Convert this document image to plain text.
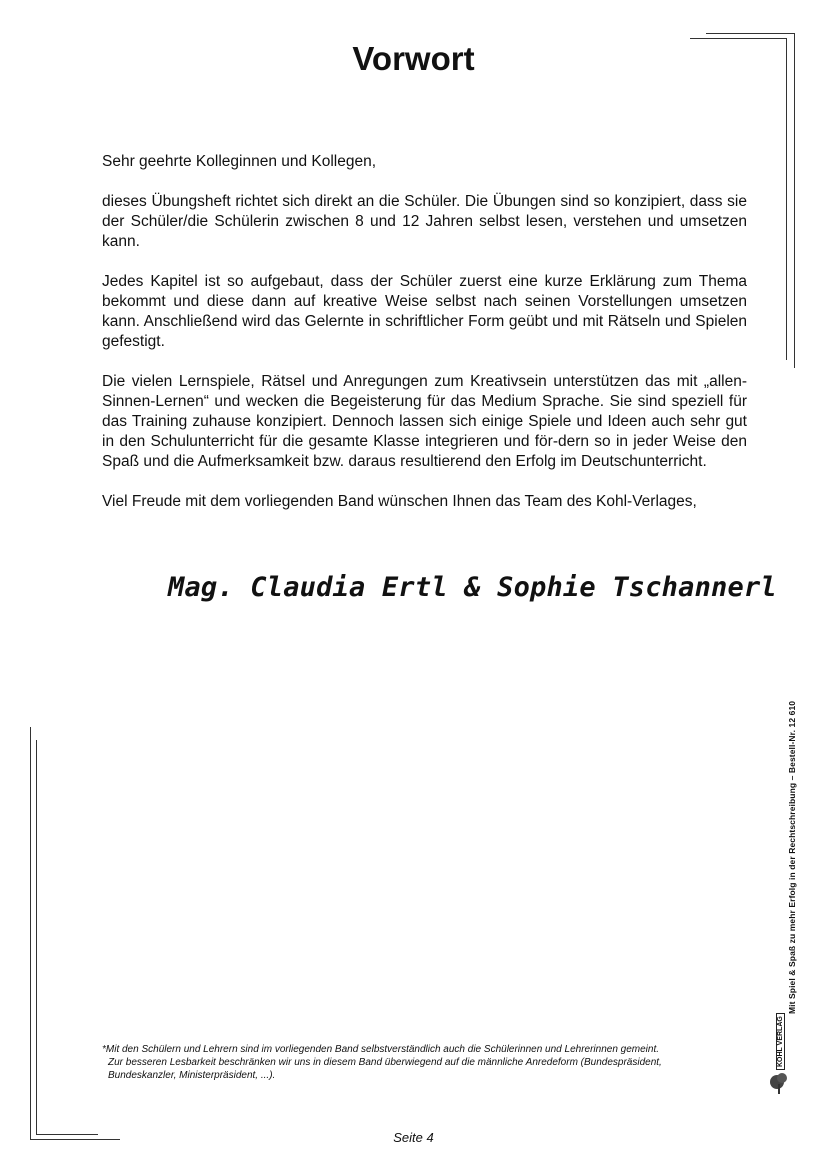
Vorwort

Sehr geehrte Kolleginnen und Kollegen,

dieses Übungsheft richtet sich direkt an die Schüler. Die Übungen sind so konzipiert, dass sie der Schüler/die Schülerin zwischen 8 und 12 Jahren selbst lesen, verstehen und umsetzen kann.

Jedes Kapitel ist so aufgebaut, dass der Schüler zuerst eine kurze Erklärung zum Thema bekommt und diese dann auf kreative Weise selbst nach seinen Vorstellungen umsetzen kann. Anschließend wird das Gelernte in schriftlicher Form geübt und mit Rätseln und Spielen gefestigt.

Die vielen Lernspiele, Rätsel und Anregungen zum Kreativsein unterstützen das mit „allen-Sinnen-Lernen“ und wecken die Begeisterung für das Medium Sprache. Sie sind speziell für das Training zuhause konzipiert. Dennoch lassen sich einige Spiele und Ideen auch sehr gut in den Schulunterricht für die gesamte Klasse integrieren und för-dern so in jeder Weise den Spaß und die Aufmerksamkeit bzw. daraus resultierend den Erfolg im Deutschunterricht.

Viel Freude mit dem vorliegenden Band wünschen Ihnen das Team des Kohl-Verlages,

Mag. Claudia Ertl & Sophie Tschannerl
*Mit den Schülern und Lehrern sind im vorliegenden Band selbstverständlich auch die Schülerinnen und Lehrerinnen gemeint.
Zur besseren Lesbarkeit beschränken wir uns in diesem Band überwiegend auf die männliche Anredeform (Bundespräsident,
Bundeskanzler, Ministerpräsident, ...).
Mit Spiel & Spaß zu mehr Erfolg in der Rechtschreibung – Bestell-Nr. 12 610
KOHL VERLAG
Seite 4
